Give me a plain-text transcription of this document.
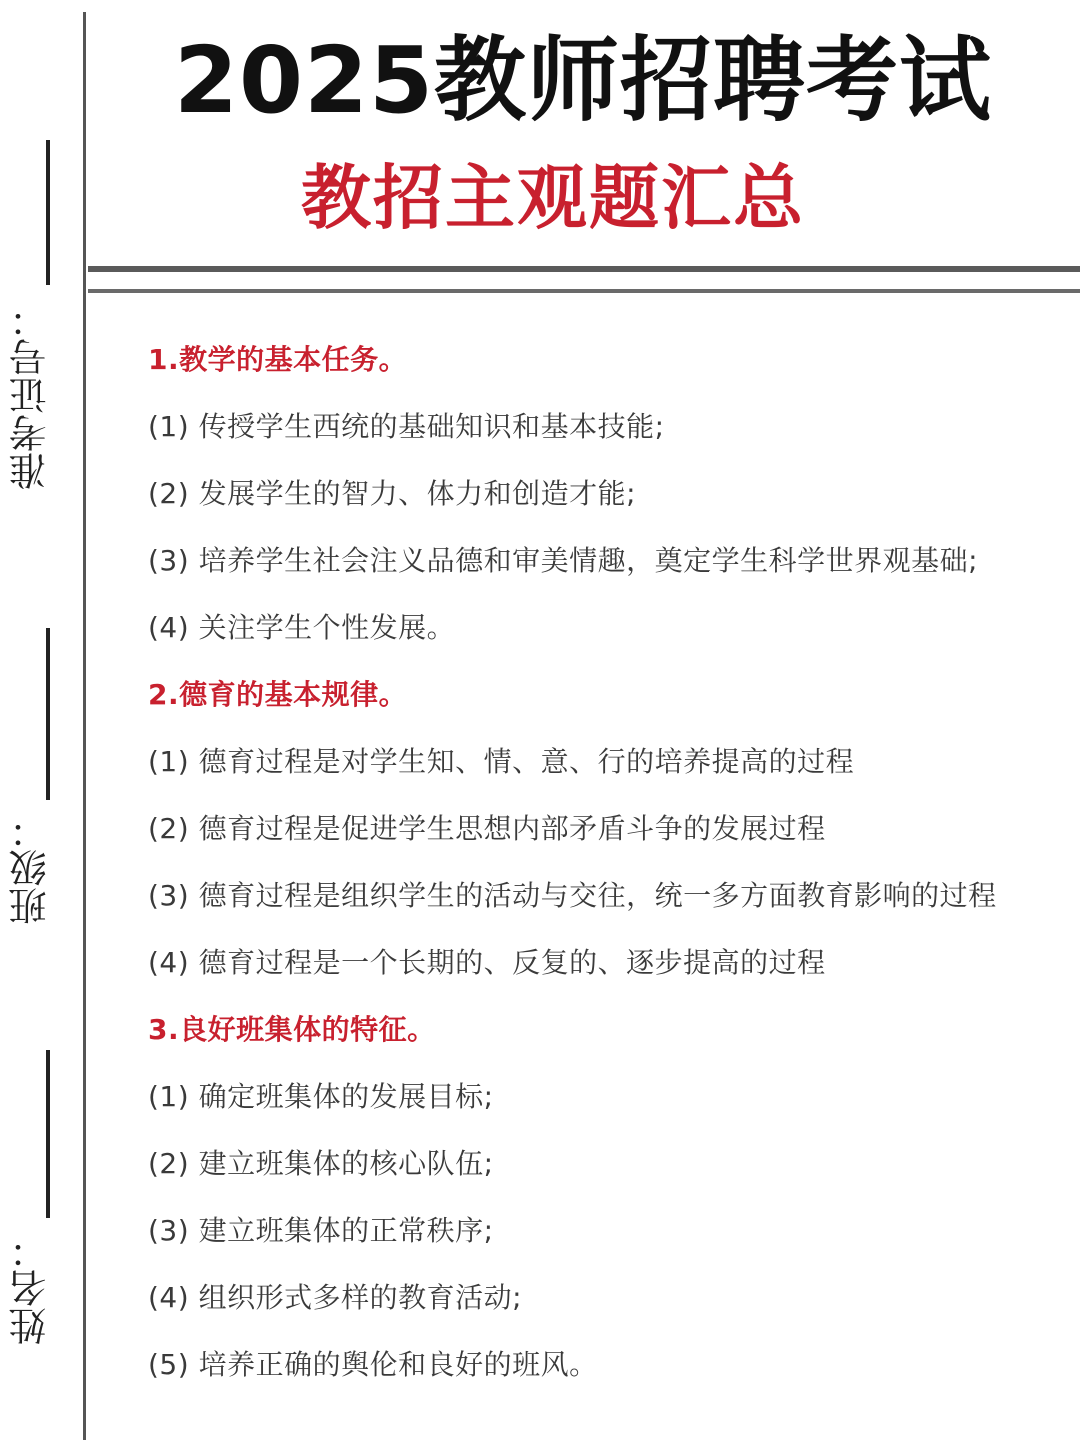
准考证号：
班级：
姓名：
2025教师招聘考试
教招主观题汇总
1.教学的基本任务。
(1) 传授学生西统的基础知识和基本技能;
(2) 发展学生的智力、体力和创造才能;
(3) 培养学生社会注义品德和审美情趣，奠定学生科学世界观基础;
(4) 关注学生个性发展。
2.德育的基本规律。
(1) 德育过程是对学生知、情、意、行的培养提高的过程
(2) 德育过程是促进学生思想内部矛盾斗争的发展过程
(3) 德育过程是组织学生的活动与交往，统一多方面教育影响的过程
(4) 德育过程是一个长期的、反复的、逐步提高的过程
3.良好班集体的特征。
(1) 确定班集体的发展目标;
(2) 建立班集体的核心队伍;
(3) 建立班集体的正常秩序;
(4) 组织形式多样的教育活动;
(5) 培养正确的舆伦和良好的班风。
